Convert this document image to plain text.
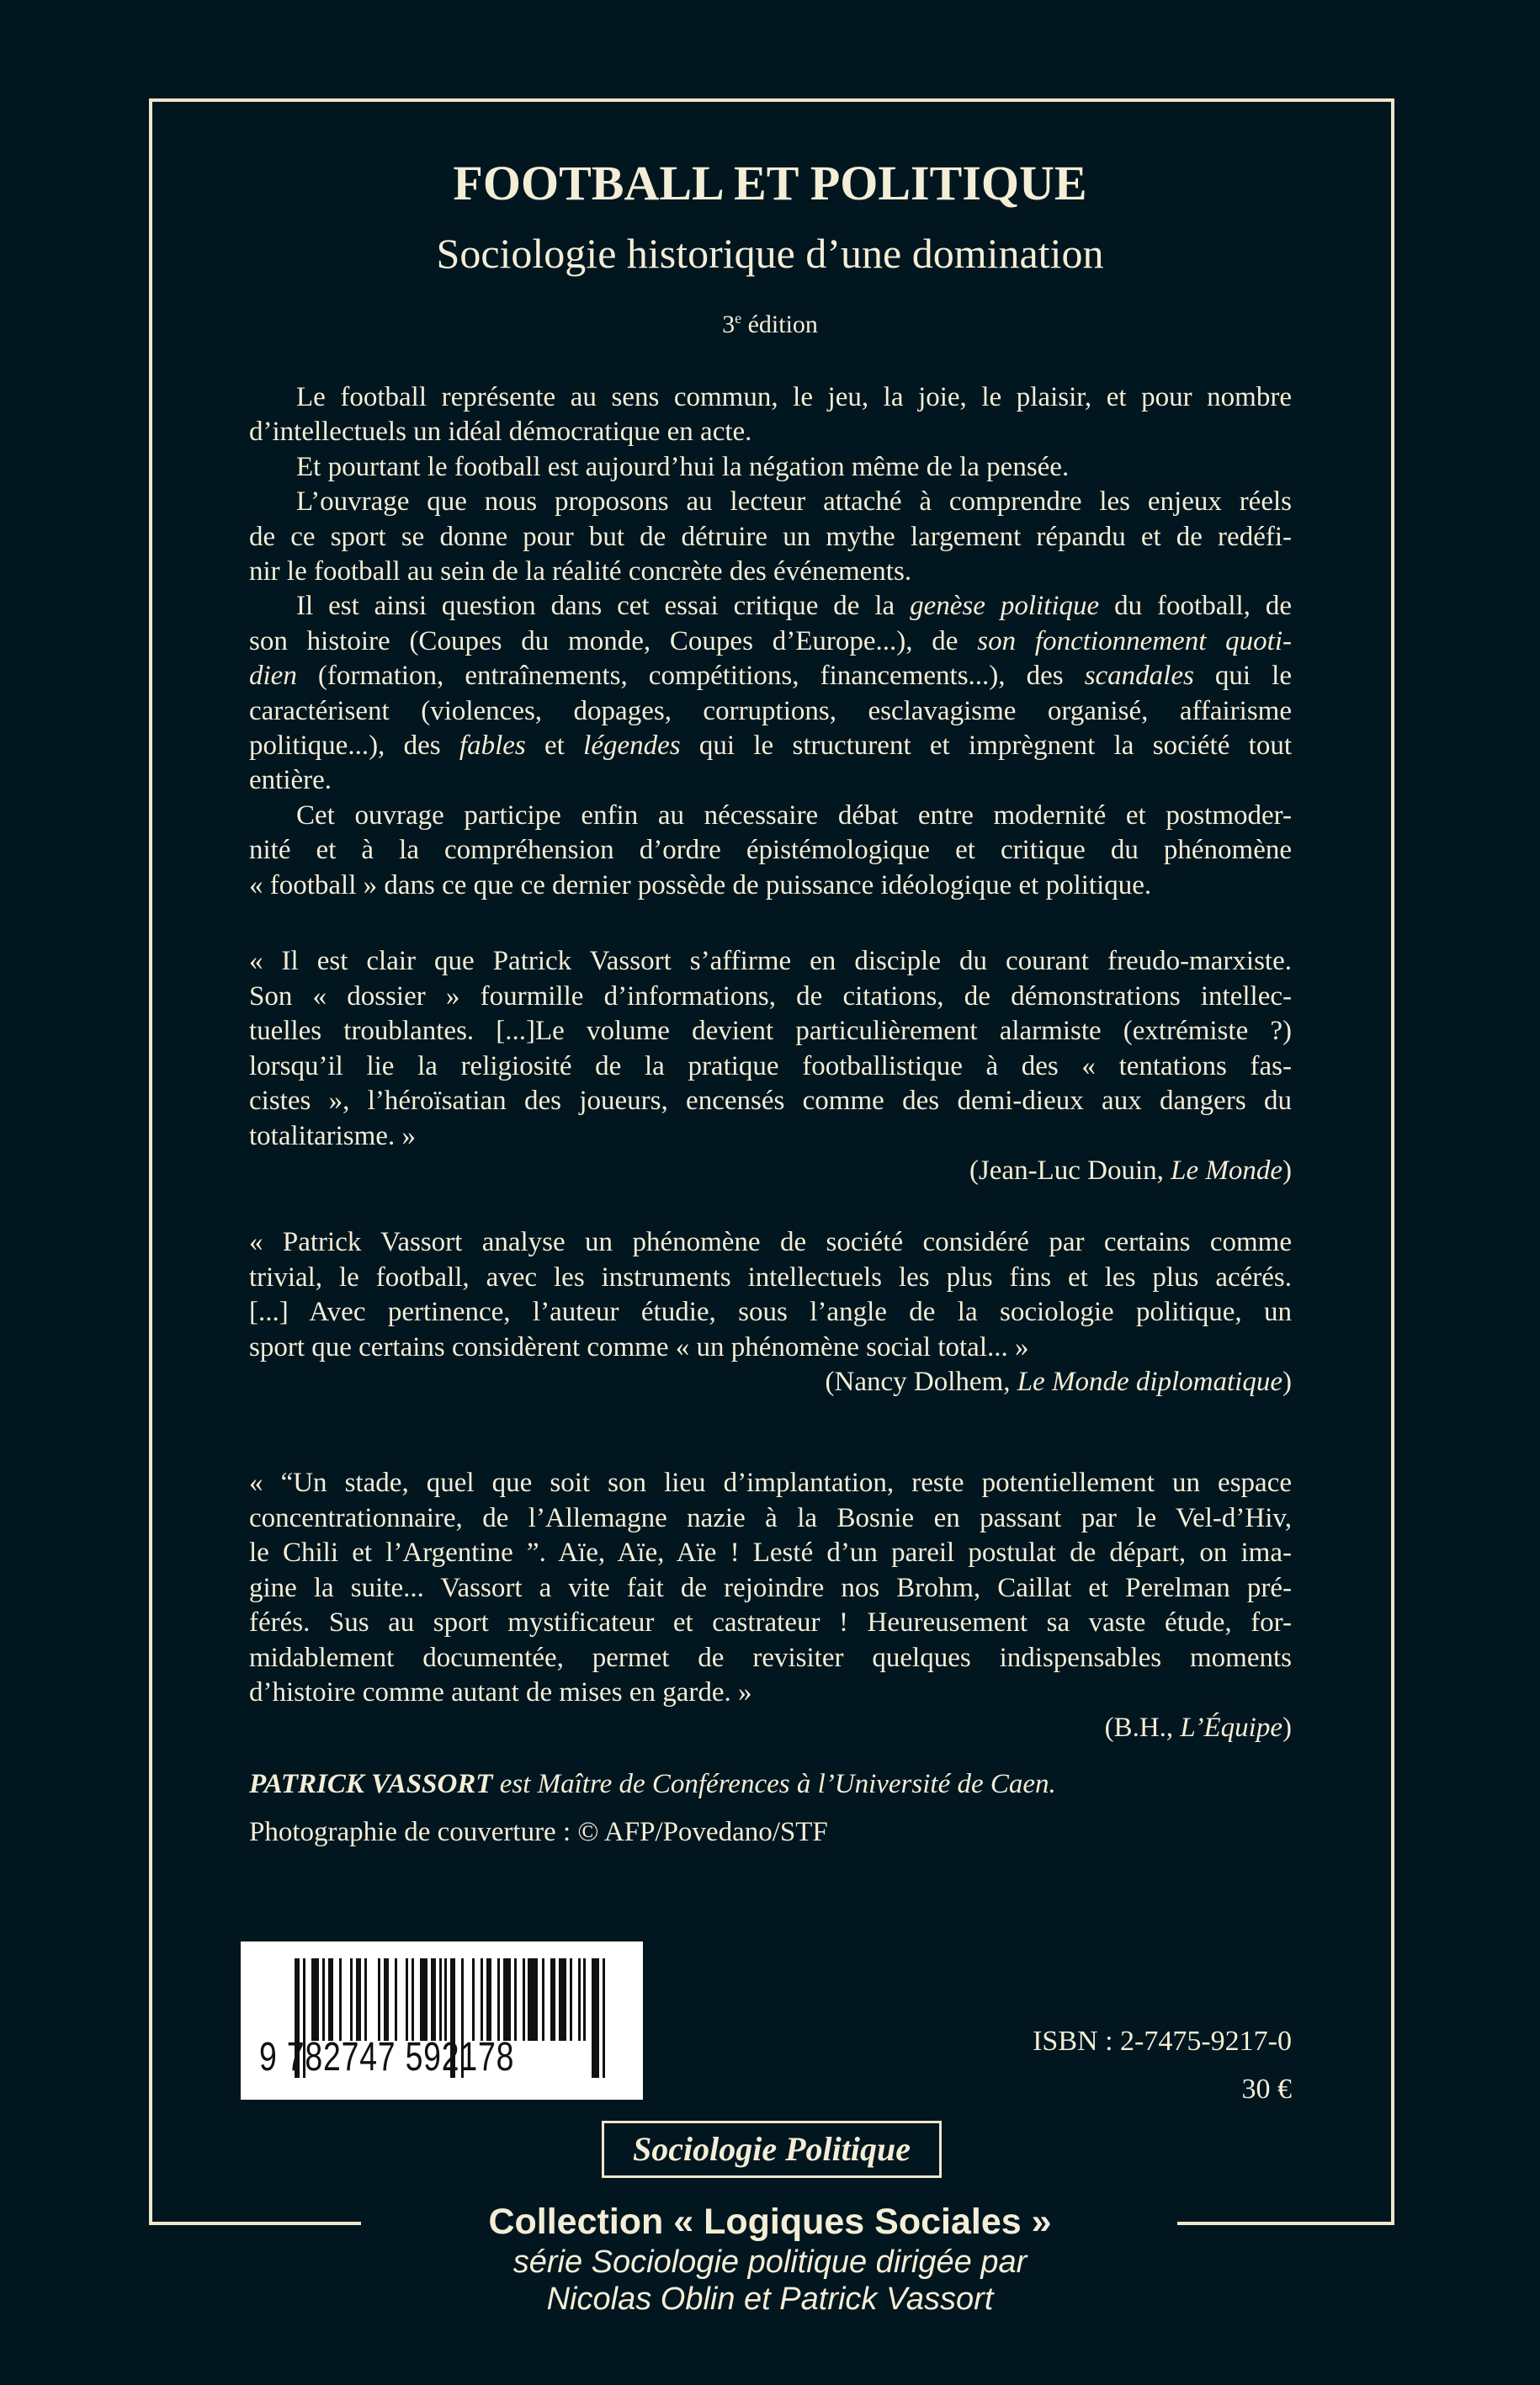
FOOTBALL ET POLITIQUE
Sociologie historique d’une domination
3e édition
Le football représente au sens commun, le jeu, la joie, le plaisir, et pour nombre
d’intellectuels un idéal démocratique en acte.
Et pourtant le football est aujourd’hui la négation même de la pensée.
L’ouvrage que nous proposons au lecteur attaché à comprendre les enjeux réels
de ce sport se donne pour but de détruire un mythe largement répandu et de redéfi-
nir le football au sein de la réalité concrète des événements.
Il est ainsi question dans cet essai critique de la genèse politique du football, de
son histoire (Coupes du monde, Coupes d’Europe...), de son fonctionnement quoti-
dien (formation, entraînements, compétitions, financements...), des scandales qui le
caractérisent (violences, dopages, corruptions, esclavagisme organisé, affairisme
politique...), des fables et légendes qui le structurent et imprègnent la société tout
entière.
Cet ouvrage participe enfin au nécessaire débat entre modernité et postmoder-
nité et à la compréhension d’ordre épistémologique et critique du phénomène
« football » dans ce que ce dernier possède de puissance idéologique et politique.
« Il est clair que Patrick Vassort s’affirme en disciple du courant freudo-marxiste.
Son « dossier » fourmille d’informations, de citations, de démonstrations intellec-
tuelles troublantes. [...]Le volume devient particulièrement alarmiste (extrémiste ?)
lorsqu’il lie la religiosité de la pratique footballistique à des « tentations fas-
cistes », l’héroïsatian des joueurs, encensés comme des demi-dieux aux dangers du
totalitarisme. »
(Jean-Luc Douin, Le Monde)
« Patrick Vassort analyse un phénomène de société considéré par certains comme
trivial, le football, avec les instruments intellectuels les plus fins et les plus acérés.
[...] Avec pertinence, l’auteur étudie, sous l’angle de la sociologie politique, un
sport que certains considèrent comme « un phénomène social total... »
(Nancy Dolhem, Le Monde diplomatique)
« “Un stade, quel que soit son lieu d’implantation, reste potentiellement un espace
concentrationnaire, de l’Allemagne nazie à la Bosnie en passant par le Vel-d’Hiv,
le Chili et l’Argentine ”. Aïe, Aïe, Aïe ! Lesté d’un pareil postulat de départ, on ima-
gine la suite... Vassort a vite fait de rejoindre nos Brohm, Caillat et Perelman pré-
férés. Sus au sport mystificateur et castrateur ! Heureusement sa vaste étude, for-
midablement documentée, permet de revisiter quelques indispensables moments
d’histoire comme autant de mises en garde. »
(B.H., L’Équipe)
PATRICK VASSORT est Maître de Conférences à l’Université de Caen.
Photographie de couverture : © AFP/Povedano/STF
9 782747 592178	ISBN : 2-7475-9217-0
30 €
Sociologie Politique
Collection « Logiques Sociales »
série Sociologie politique dirigée par
Nicolas Oblin et Patrick Vassort
